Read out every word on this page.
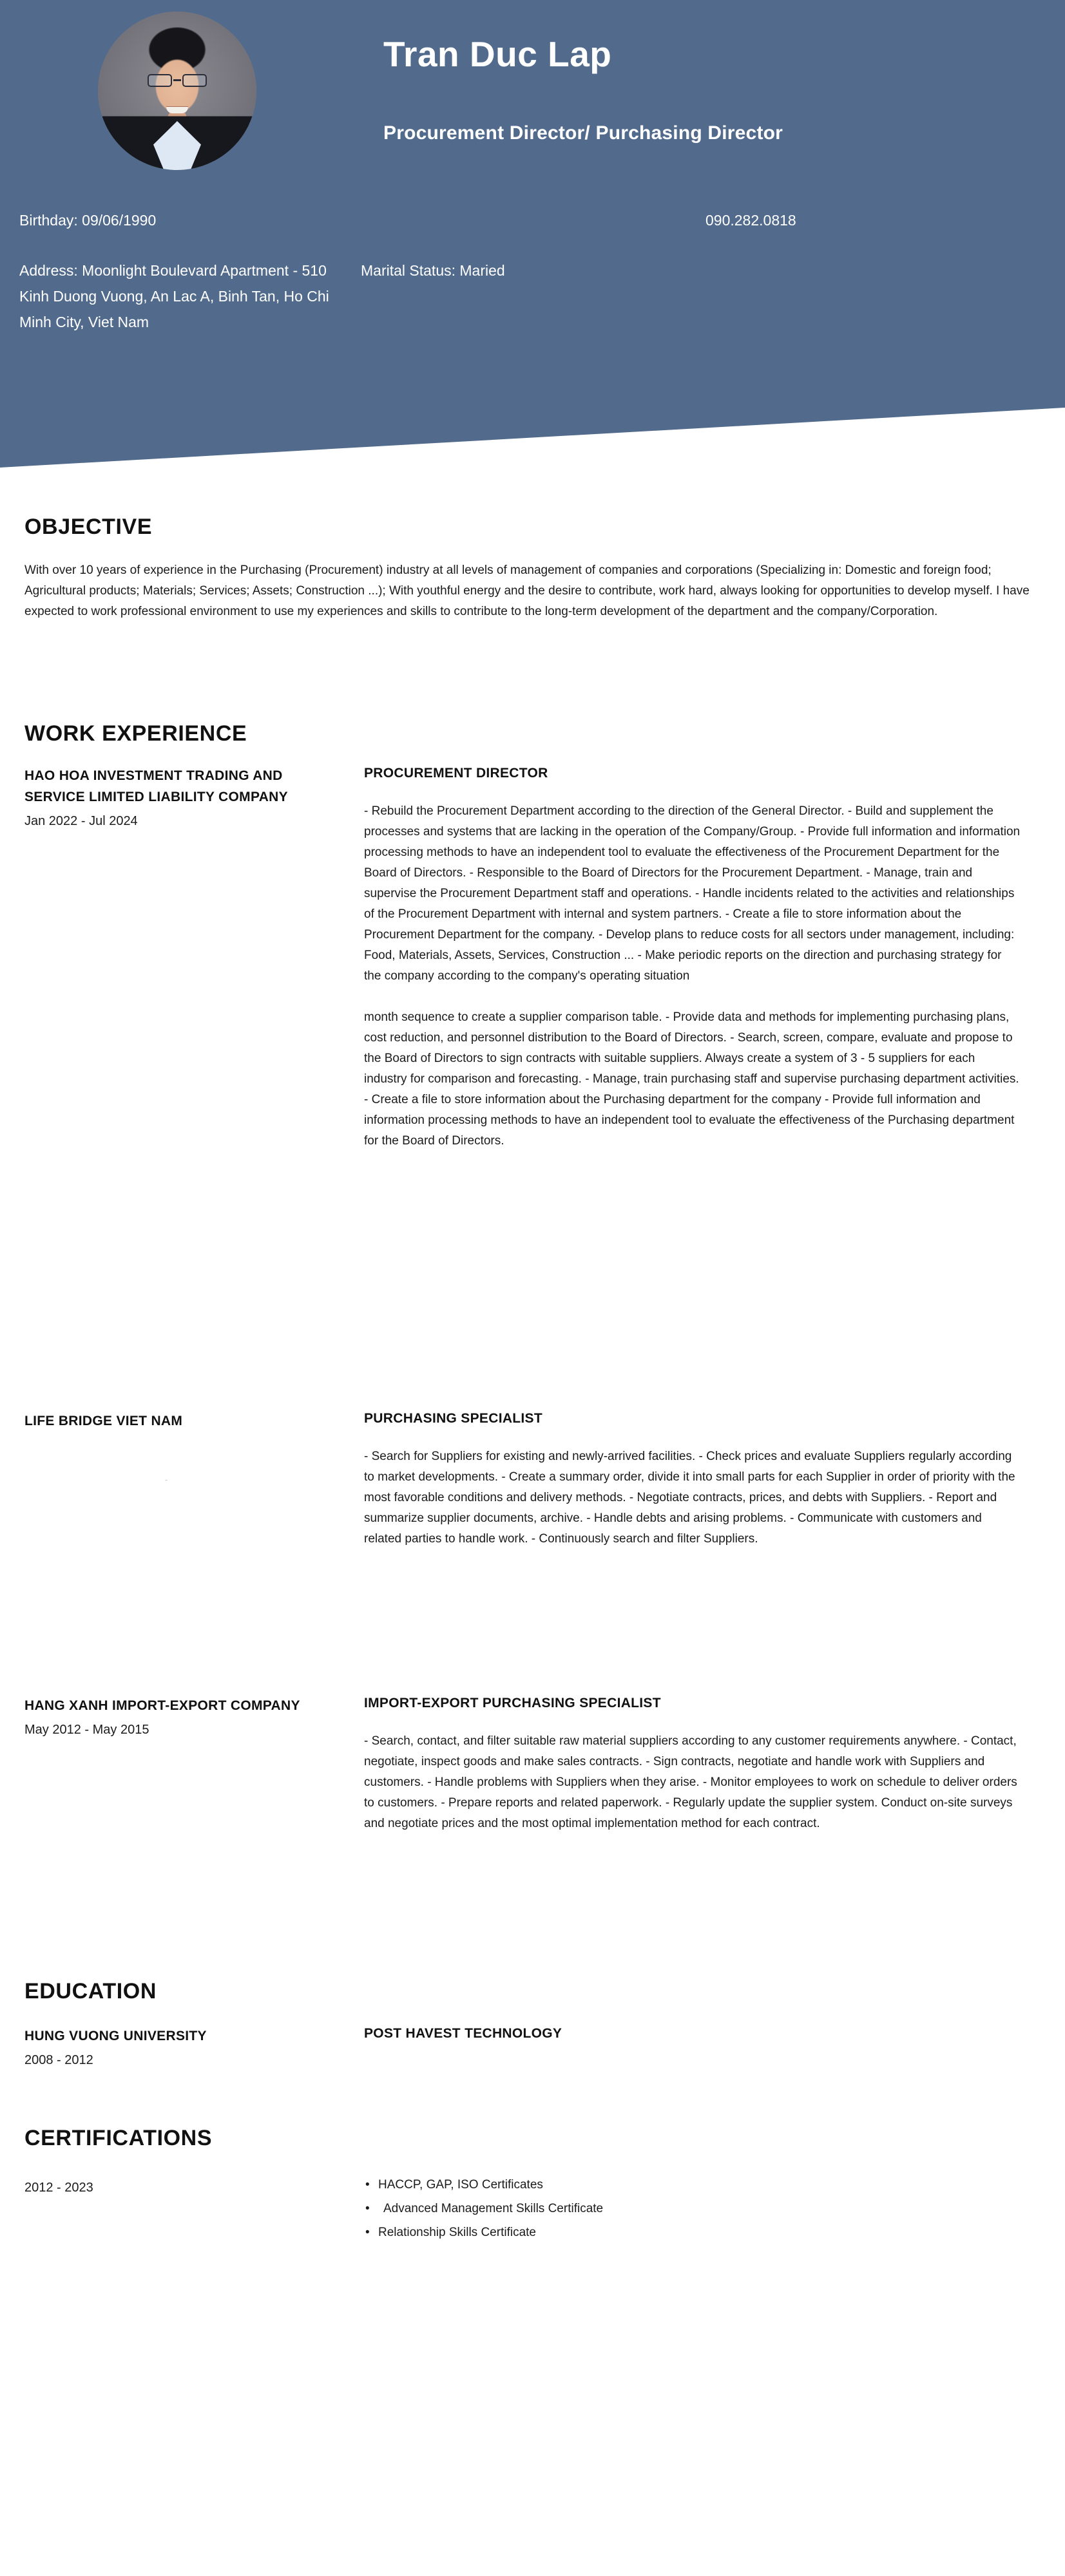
Tran Duc Lap
Procurement Director/ Purchasing Director
Birthday: 09/06/1990	090.282.0818
Address: Moonlight Boulevard Apartment - 510 Kinh Duong Vuong, An Lac A, Binh Tan, Ho Chi Minh City, Viet Nam
Marital Status: Maried
OBJECTIVE
With over 10 years of experience in the Purchasing (Procurement) industry at all levels of management of companies and corporations (Specializing in: Domestic and foreign food; Agricultural products; Materials; Services; Assets; Construction ...); With youthful energy and the desire to contribute, work hard, always looking for opportunities to develop myself. I have expected to work professional environment to use my experiences and skills to contribute to the long-term development of the department and the company/Corporation.
WORK EXPERIENCE
HAO HOA INVESTMENT TRADING AND SERVICE LIMITED LIABILITY COMPANY
Jan 2022 - Jul 2024
PROCUREMENT DIRECTOR
- Rebuild the Procurement Department according to the direction of the General Director. - Build and supplement the processes and systems that are lacking in the operation of the Company/Group. - Provide full information and information processing methods to have an independent tool to evaluate the effectiveness of the Procurement Department for the Board of Directors. - Responsible to the Board of Directors for the Procurement Department. - Manage, train and supervise the Procurement Department staff and operations. - Handle incidents related to the activities and relationships of the Procurement Department with internal and system partners. - Create a file to store information about the Procurement Department for the company. - Develop plans to reduce costs for all sectors under management, including: Food, Materials, Assets, Services, Construction ... - Make periodic reports on the direction and purchasing strategy for the company according to the company's operating situation
month sequence to create a supplier comparison table. - Provide data and methods for implementing purchasing plans, cost reduction, and personnel distribution to the Board of Directors. - Search, screen, compare, evaluate and propose to the Board of Directors to sign contracts with suitable suppliers. Always create a system of 3 - 5 suppliers for each industry for comparison and forecasting. - Manage, train purchasing staff and supervise purchasing department activities. - Create a file to store information about the Purchasing department for the company - Provide full information and information processing methods to have an independent tool to evaluate the effectiveness of the Purchasing department for the Board of Directors.
LIFE BRIDGE VIET NAM
-
PURCHASING SPECIALIST
- Search for Suppliers for existing and newly-arrived facilities. - Check prices and evaluate Suppliers regularly according to market developments. - Create a summary order, divide it into small parts for each Supplier in order of priority with the most favorable conditions and delivery methods. - Negotiate contracts, prices, and debts with Suppliers. - Report and summarize supplier documents, archive. - Handle debts and arising problems. - Communicate with customers and related parties to handle work. - Continuously search and filter Suppliers.
HANG XANH IMPORT-EXPORT COMPANY
May 2012 - May 2015
IMPORT-EXPORT PURCHASING SPECIALIST
- Search, contact, and filter suitable raw material suppliers according to any customer requirements anywhere. - Contact, negotiate, inspect goods and make sales contracts. - Sign contracts, negotiate and handle work with Suppliers and customers. - Handle problems with Suppliers when they arise. - Monitor employees to work on schedule to deliver orders to customers. - Prepare reports and related paperwork. - Regularly update the supplier system. Conduct on-site surveys and negotiate prices and the most optimal implementation method for each contract.
EDUCATION
HUNG VUONG UNIVERSITY
2008 - 2012
POST HAVEST TECHNOLOGY
CERTIFICATIONS
2012 - 2023	• HACCP, GAP, ISO Certificates
• Advanced Management Skills Certificate
• Relationship Skills Certificate
